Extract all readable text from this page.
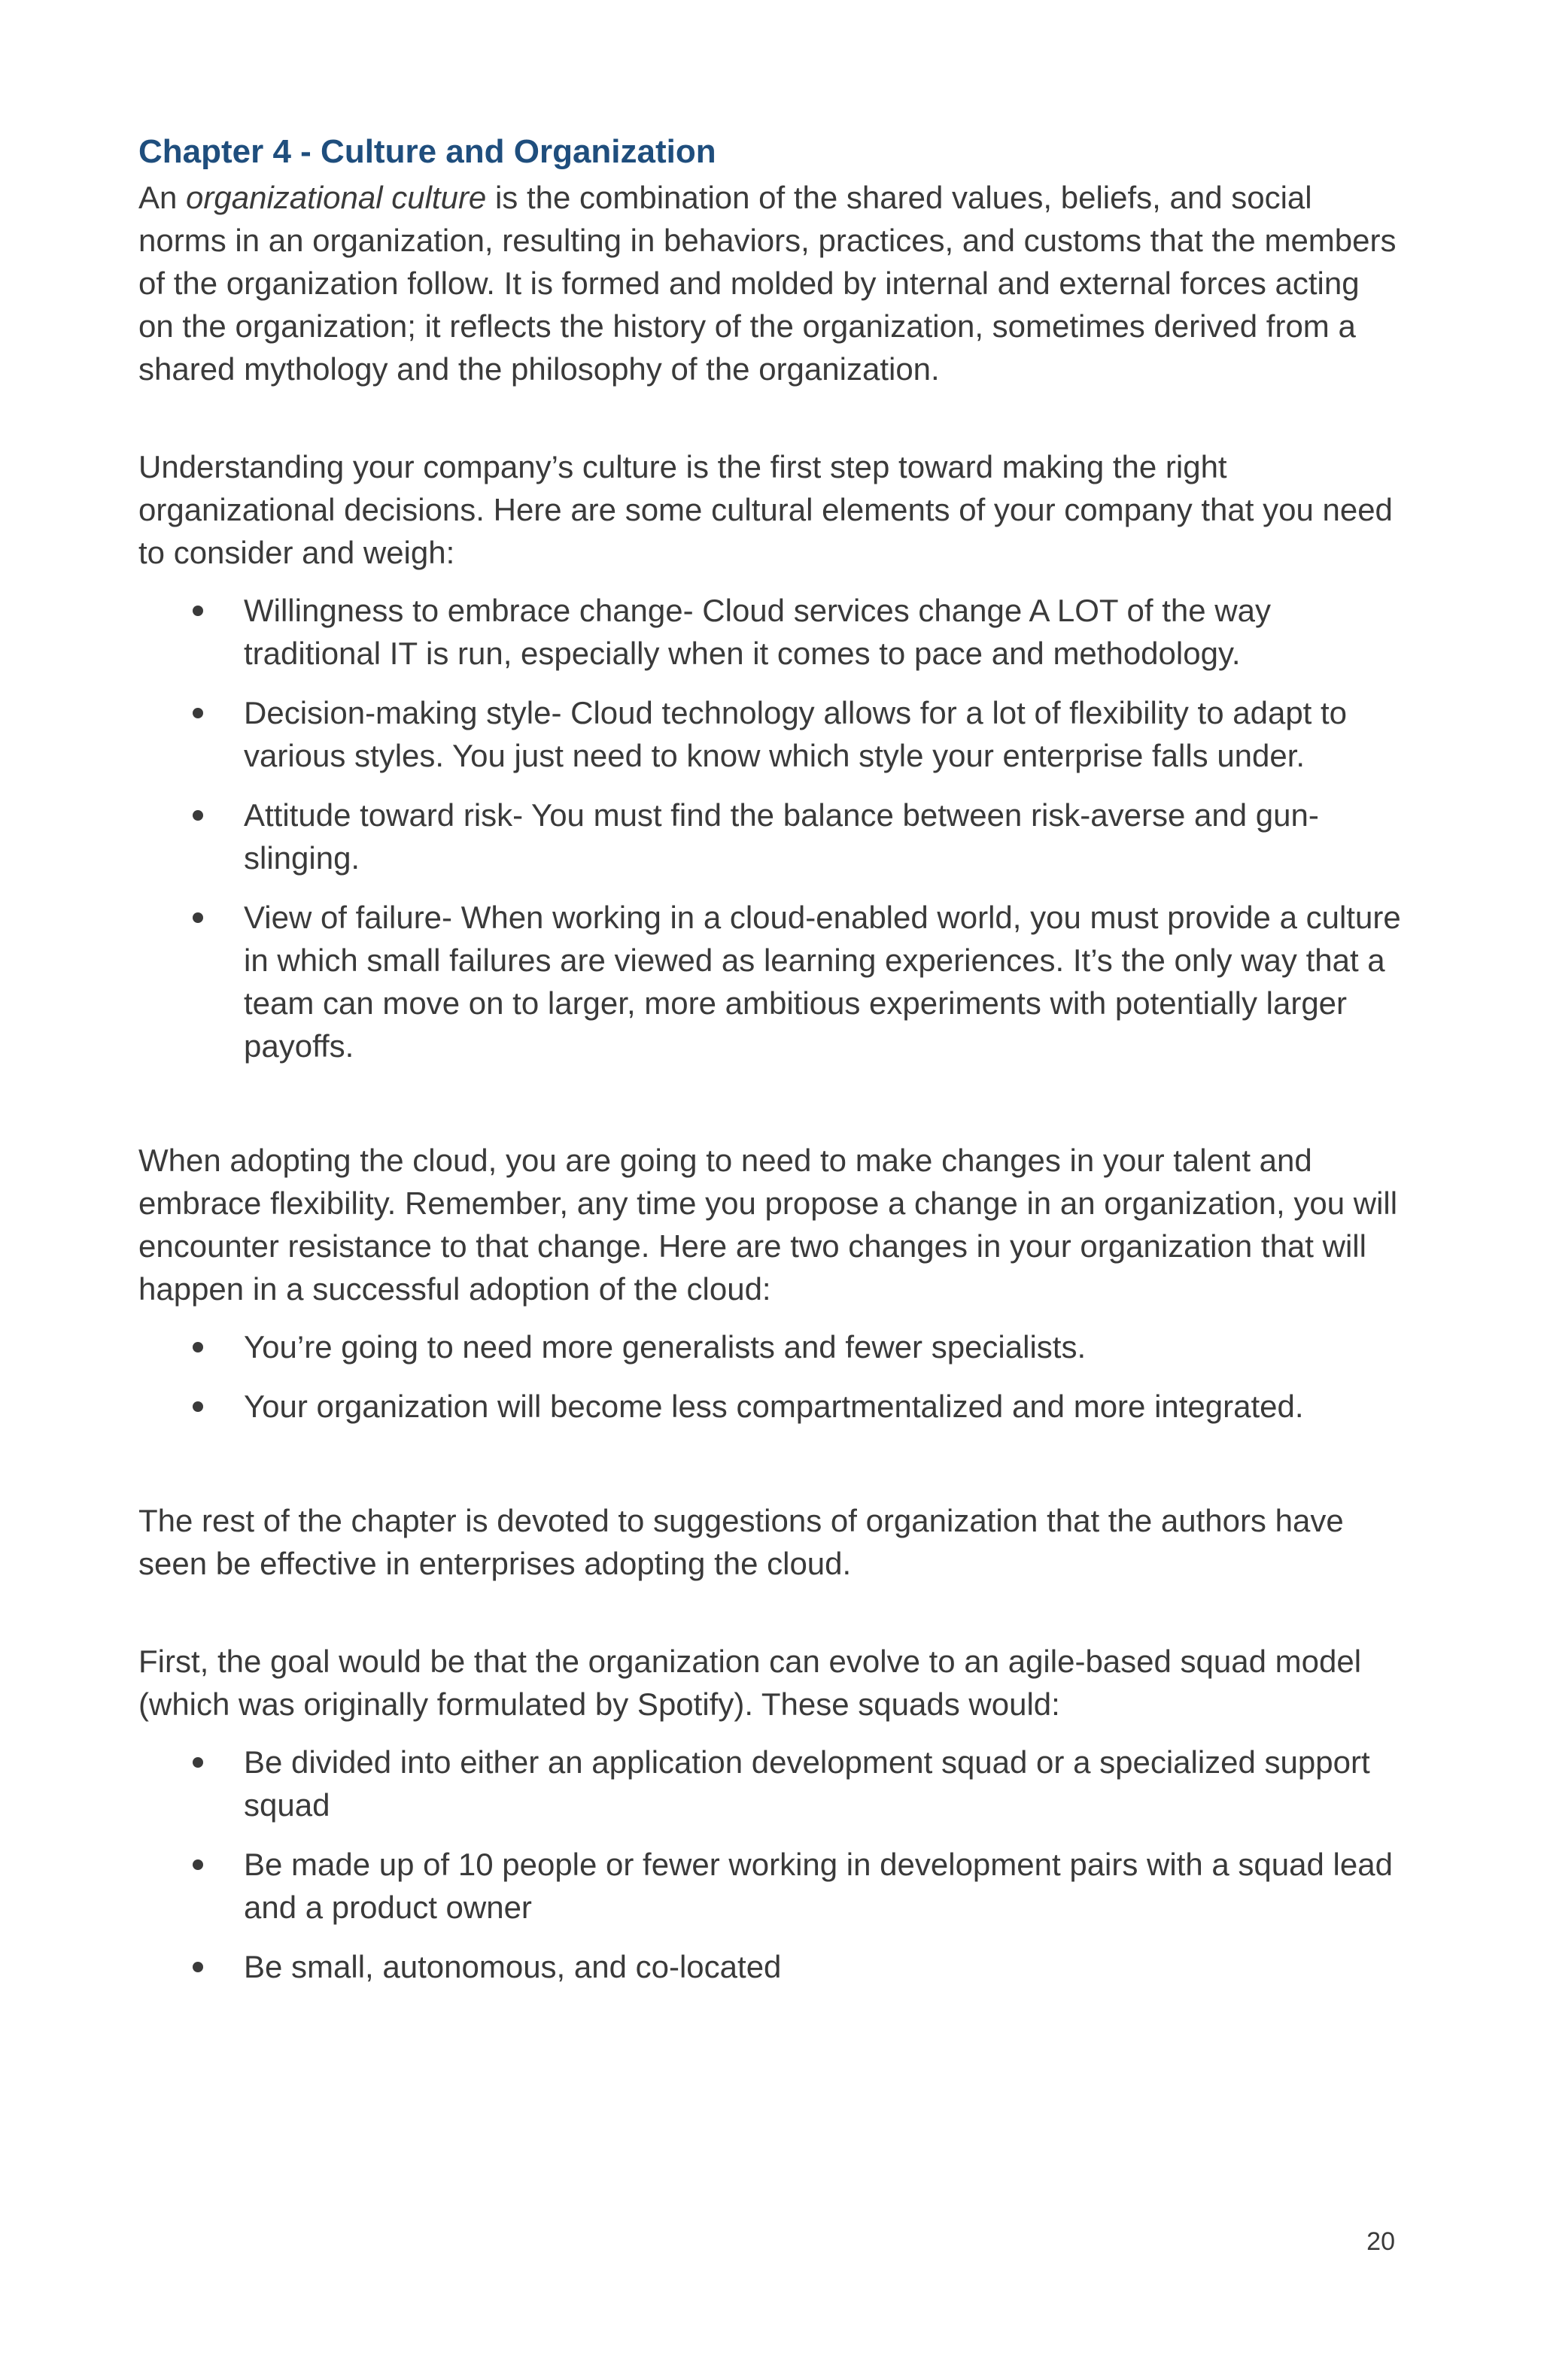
Chapter 4 - Culture and Organization

An organizational culture is the combination of the shared values, beliefs, and social norms in an organization, resulting in behaviors, practices, and customs that the members of the organization follow. It is formed and molded by internal and external forces acting on the organization; it reflects the history of the organization, sometimes derived from a shared mythology and the philosophy of the organization.

Understanding your company’s culture is the first step toward making the right organizational decisions. Here are some cultural elements of your company that you need to consider and weigh:

Willingness to embrace change- Cloud services change A LOT of the way traditional IT is run, especially when it comes to pace and methodology.
Decision-making style- Cloud technology allows for a lot of flexibility to adapt to various styles. You just need to know which style your enterprise falls under.
Attitude toward risk- You must find the balance between risk-averse and gun-slinging.
View of failure- When working in a cloud-enabled world, you must provide a culture in which small failures are viewed as learning experiences. It’s the only way that a team can move on to larger, more ambitious experiments with potentially larger payoffs.

When adopting the cloud, you are going to need to make changes in your talent and embrace flexibility. Remember, any time you propose a change in an organization, you will encounter resistance to that change. Here are two changes in your organization that will happen in a successful adoption of the cloud:

You’re going to need more generalists and fewer specialists.
Your organization will become less compartmentalized and more integrated.

The rest of the chapter is devoted to suggestions of organization that the authors have seen be effective in enterprises adopting the cloud.

First, the goal would be that the organization can evolve to an agile-based squad model (which was originally formulated by Spotify). These squads would:

Be divided into either an application development squad or a specialized support squad
Be made up of 10 people or fewer working in development pairs with a squad lead and a product owner
Be small, autonomous, and co-located
20
